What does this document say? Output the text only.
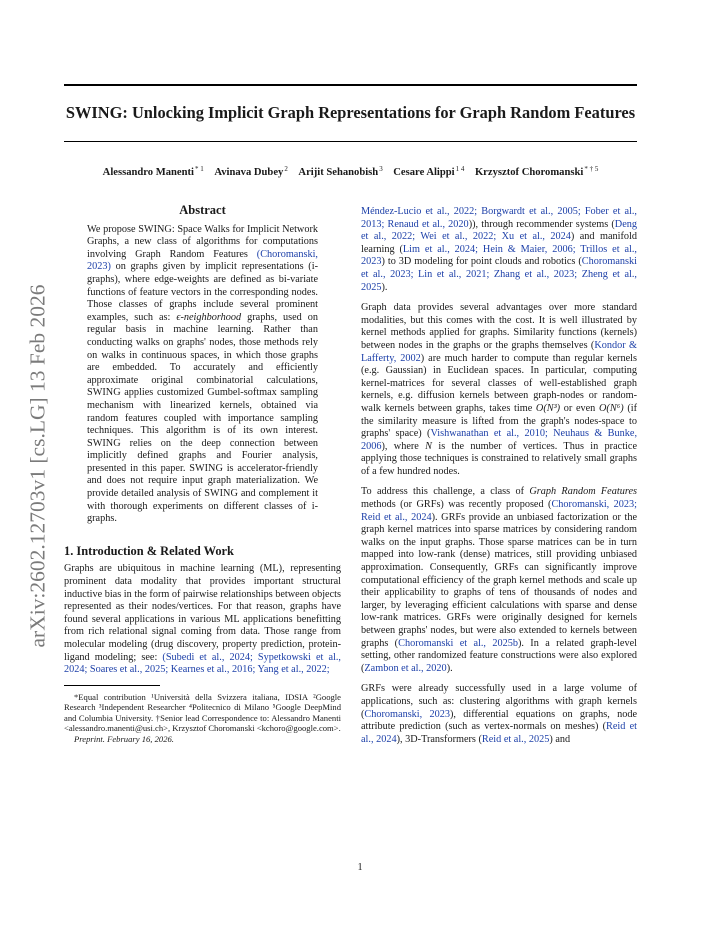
SWING: Unlocking Implicit Graph Representations for Graph Random Features
Alessandro Manenti$^{* 1}$  Avinava Dubey$^2$  Arijit Sehanobish$^3$  Cesare Alippi$^{1 4}$  Krzysztof Choromanski$^{* \dagger 5}$
arXiv:2602.12703v1 [cs.LG] 13 Feb 2026
Abstract
We propose SWING: Space Walks for Implicit Network Graphs, a new class of algorithms for computations involving Graph Random Features (Choromanski, 2023) on graphs given by implicit representations (i-graphs), where edge-weights are defined as bi-variate functions of feature vectors in the corresponding nodes. Those classes of graphs include several prominent examples, such as: ϵ-neighborhood graphs, used on regular basis in machine learning. Rather than conducting walks on graphs' nodes, those methods rely on walks in continuous spaces, in which those graphs are embedded. To accurately and efficiently approximate original combinatorial calculations, SWING applies customized Gumbel-softmax sampling mechanism with linearized kernels, obtained via random features coupled with importance sampling techniques. This algorithm is of its own interest. SWING relies on the deep connection between implicitly defined graphs and Fourier analysis, presented in this paper. SWING is accelerator-friendly and does not require input graph materialization. We provide detailed analysis of SWING and complement it with thorough experiments on different classes of i-graphs.
1. Introduction & Related Work
Graphs are ubiquitous in machine learning (ML), representing prominent data modality that provides important structural inductive bias in the form of pairwise relationships between objects represented as their nodes/vertices. For that reason, graphs have found several applications in various ML applications benefitting from rich relational signal coming from data. Those range from molecular modeling (drug discovery, property prediction, protein-ligand modeling; see: (Subedi et al., 2024; Sypetkowski et al., 2024; Soares et al., 2025; Kearnes et al., 2016; Yang et al., 2022;

*Equal contribution ¹Università della Svizzera italiana, IDSIA ²Google Research ³Independent Researcher ⁴Politecnico di Milano ⁵Google DeepMind and Columbia University. †Senior lead Correspondence to: Alessandro Manenti <alessandro.manenti@usi.ch>, Krzysztof Choromanski <kchoro@google.com>.

Preprint. February 16, 2026.

Méndez-Lucio et al., 2022; Borgwardt et al., 2005; Fober et al., 2013; Renaud et al., 2020)), through recommender systems (Deng et al., 2022; Wei et al., 2022; Xu et al., 2024) and manifold learning (Lim et al., 2024; Hein & Maier, 2006; Trillos et al., 2023) to 3D modeling for point clouds and robotics (Choromanski et al., 2023; Lin et al., 2021; Zhang et al., 2023; Zheng et al., 2025).

Graph data provides several advantages over more standard modalities, but this comes with the cost. It is well illustrated by kernel methods applied for graphs. Similarity functions (kernels) between nodes in the graphs or the graphs themselves (Kondor & Lafferty, 2002) are much harder to compute than regular kernels (e.g. Gaussian) in Euclidean spaces. In particular, computing kernel-matrices for several classes of well-established graph kernels, e.g. diffusion kernels between graph-nodes or random-walk kernels between graphs, takes time O(N³) or even O(N⁶) (if the similarity measure is lifted from the graph's nodes-space to graphs' space) (Vishwanathan et al., 2010; Neuhaus & Bunke, 2006), where N is the number of vertices. Thus in practice applying those techniques is constrained to relatively small graphs of a few hundred nodes.

To address this challenge, a class of Graph Random Features methods (or GRFs) was recently proposed (Choromanski, 2023; Reid et al., 2024). GRFs provide an unbiased factorization or the graph kernel matrices into sparse matrices by considering random walks on the input graphs. Those sparse matrices can be in turn mapped into low-rank (dense) matrices, still providing unbiased approximation. Consequently, GRFs can significantly improve computational efficiency of the graph kernel methods and scale up their applicability to graphs of tens of thousands of nodes and larger, by leveraging efficient calculations with sparse and dense low-rank matrices. GRFs were originally designed for kernels between graphs' nodes, but were also extended to kernels between graphs (Choromanski et al., 2025b). In a related graph-level setting, other randomized feature constructions were also explored (Zambon et al., 2020).

GRFs were already successfully used in a large volume of applications, such as: clustering algorithms with graph kernels (Choromanski, 2023), differential equations on graphs, node attribute prediction (such as vertex-normals on meshes) (Reid et al., 2024), 3D-Transformers (Reid et al., 2025) and

1
